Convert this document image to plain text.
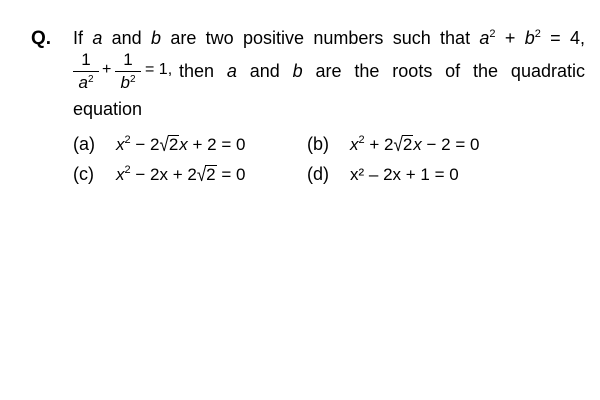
Q. If a and b are two positive numbers such that $a^2 + b^2 = 4$,
1
$a^2$
+
1
$b^2$
= 1, then a and b are the roots of the quadratic
equation
(a) $x^2 - 2√2x + 2 = 0$	(b) $x^2 + 2√2x - 2 = 0$
(c) $x^2 - 2x + 2√2 = 0$	(d) x² – 2x + 1 = 0
